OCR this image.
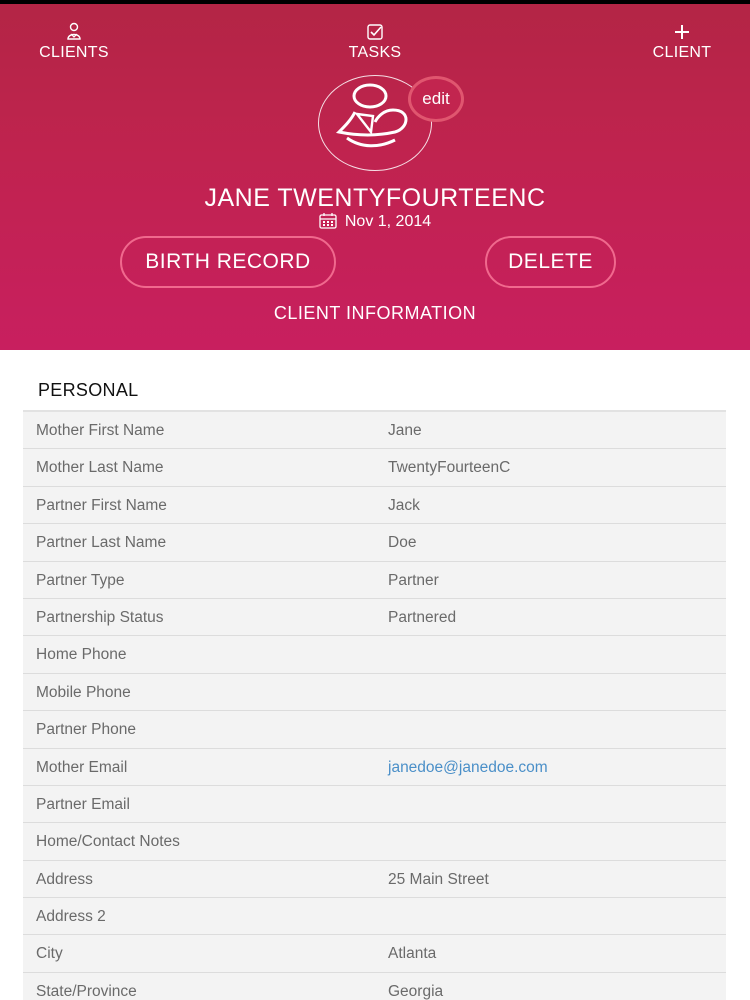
CLIENTS	TASKS	CLIENT
edit
JANE TWENTYFOURTEENC
Nov 1, 2014
BIRTH RECORD	DELETE
CLIENT INFORMATION
PERSONAL
Mother First Name	Jane
Mother Last Name	TwentyFourteenC
Partner First Name	Jack
Partner Last Name	Doe
Partner Type	Partner
Partnership Status	Partnered
Home Phone
Mobile Phone
Partner Phone
Mother Email	janedoe@janedoe.com
Partner Email
Home/Contact Notes
Address	25 Main Street
Address 2
City	Atlanta
State/Province	Georgia
